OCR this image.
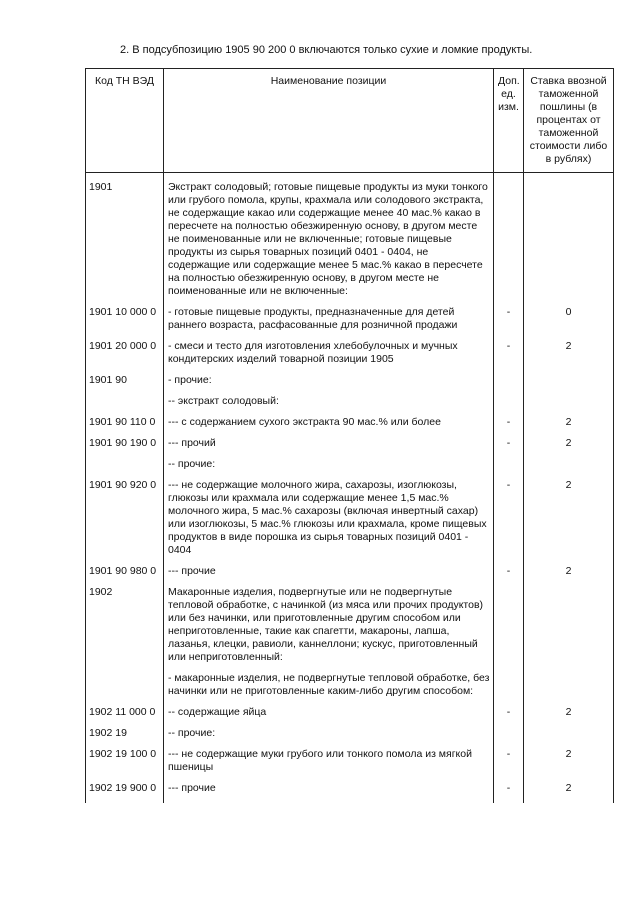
2. В подсубпозицию 1905 90 200 0 включаются только сухие и ломкие продукты.
Код ТН ВЭД	Наименование позиции	Доп. ед. изм.	Ставка ввозной таможенной пошлины (в процентах от таможенной стоимости либо в рублях)

1901	Экстракт солодовый; готовые пищевые продукты из муки тонкого или грубого помола, крупы, крахмала или солодового экстракта, не содержащие какао или содержащие менее 40 мас.% какао в пересчете на полностью обезжиренную основу, в другом месте не поименованные или не включенные; готовые пищевые продукты из сырья товарных позиций 0401 - 0404, не содержащие или содержащие менее 5 мас.% какао в пересчете на полностью обезжиренную основу, в другом месте не поименованные или не включенные:		

1901 10 000 0	- готовые пищевые продукты, предназначенные для детей раннего возраста, расфасованные для розничной продажи	-	0

1901 20 000 0	- смеси и тесто для изготовления хлебобулочных и мучных кондитерских изделий товарной позиции 1905	-	2

1901 90	- прочие:		

	-- экстракт солодовый:		

1901 90 110 0	--- с содержанием сухого экстракта 90 мас.% или более	-	2

1901 90 190 0	--- прочий	-	2

	-- прочие:		

1901 90 920 0	--- не содержащие молочного жира, сахарозы, изоглюкозы, глюкозы или крахмала или содержащие менее 1,5 мас.% молочного жира, 5 мас.% сахарозы (включая инвертный сахар) или изоглюкозы, 5 мас.% глюкозы или крахмала, кроме пищевых продуктов в виде порошка из сырья товарных позиций 0401 - 0404	-	2

1901 90 980 0	--- прочие	-	2

1902	Макаронные изделия, подвергнутые или не подвергнутые тепловой обработке, с начинкой (из мяса или прочих продуктов) или без начинки, или приготовленные другим способом или неприготовленные, такие как спагетти, макароны, лапша, лазанья, клецки, равиоли, каннеллони; кускус, приготовленный или неприготовленный:		

	- макаронные изделия, не подвергнутые тепловой обработке, без начинки или не приготовленные каким-либо другим способом:		

1902 11 000 0	-- содержащие яйца	-	2

1902 19	-- прочие:		

1902 19 100 0	--- не содержащие муки грубого или тонкого помола из мягкой пшеницы	-	2

1902 19 900 0	--- прочие	-	2
